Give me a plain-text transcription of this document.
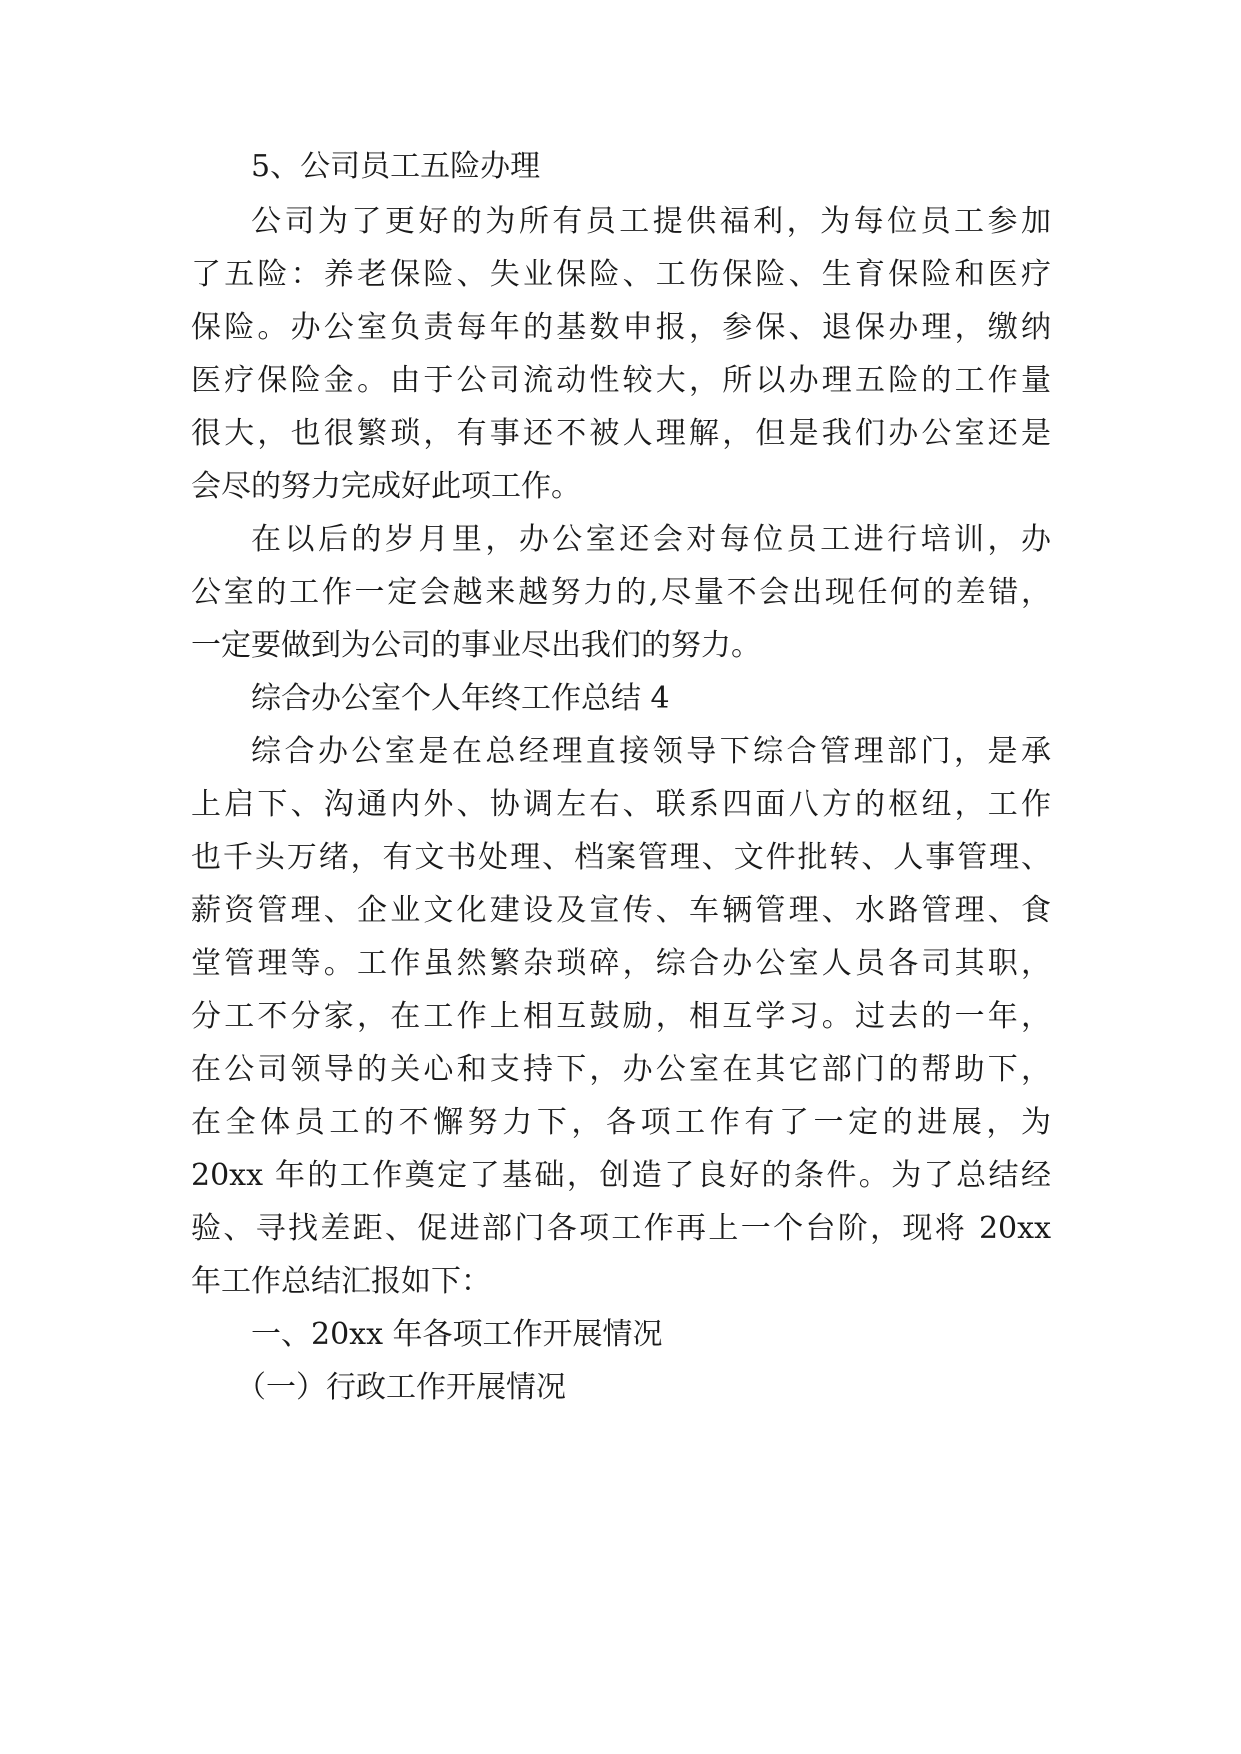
5、公司员工五险办理

公司为了更好的为所有员工提供福利，为每位员工参加

了五险：养老保险、失业保险、工伤保险、生育保险和医疗

保险。办公室负责每年的基数申报，参保、退保办理，缴纳

医疗保险金。由于公司流动性较大，所以办理五险的工作量

很大，也很繁琐，有事还不被人理解，但是我们办公室还是

会尽的努力完成好此项工作。

在以后的岁月里，办公室还会对每位员工进行培训，办

公室的工作一定会越来越努力的,尽量不会出现任何的差错，

一定要做到为公司的事业尽出我们的努力。

综合办公室个人年终工作总结 4

综合办公室是在总经理直接领导下综合管理部门，是承

上启下、沟通内外、协调左右、联系四面八方的枢纽，工作

也千头万绪，有文书处理、档案管理、文件批转、人事管理、

薪资管理、企业文化建设及宣传、车辆管理、水路管理、食

堂管理等。工作虽然繁杂琐碎，综合办公室人员各司其职，

分工不分家，在工作上相互鼓励，相互学习。过去的一年，

在公司领导的关心和支持下，办公室在其它部门的帮助下，

在全体员工的不懈努力下，各项工作有了一定的进展，为

20xx 年的工作奠定了基础，创造了良好的条件。为了总结经

验、寻找差距、促进部门各项工作再上一个台阶，现将 20xx

年工作总结汇报如下：

一、20xx 年各项工作开展情况

（一）行政工作开展情况
